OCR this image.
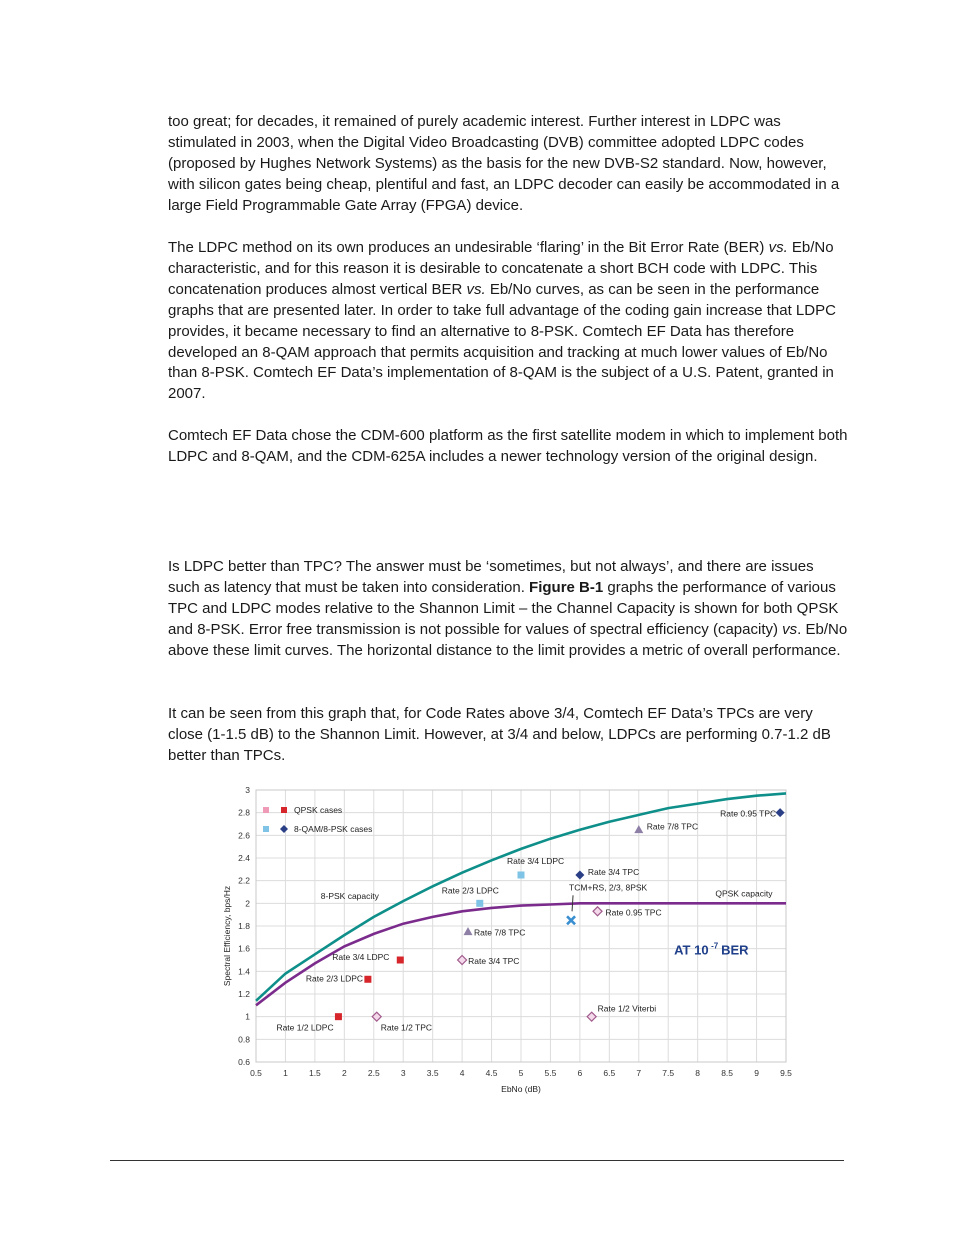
too great; for decades, it remained of purely academic interest. Further interest in LDPC was stimulated in 2003, when the Digital Video Broadcasting (DVB) committee adopted LDPC codes (proposed by Hughes Network Systems) as the basis for the new DVB-S2 standard. Now, however, with silicon gates being cheap, plentiful and fast, an LDPC decoder can easily be accommodated in a large Field Programmable Gate Array (FPGA) device.

The LDPC method on its own produces an undesirable ‘flaring’ in the Bit Error Rate (BER) vs. Eb/No characteristic, and for this reason it is desirable to concatenate a short BCH code with LDPC. This concatenation produces almost vertical BER vs. Eb/No curves, as can be seen in the performance graphs that are presented later. In order to take full advantage of the coding gain increase that LDPC provides, it became necessary to find an alternative to 8-PSK. Comtech EF Data has therefore developed an 8-QAM approach that permits acquisition and tracking at much lower values of Eb/No than 8-PSK. Comtech EF Data’s implementation of 8-QAM is the subject of a U.S. Patent, granted in 2007.

Comtech EF Data chose the CDM-600 platform as the first satellite modem in which to implement both LDPC and 8-QAM, and the CDM-625A includes a newer technology version of the original design.

Is LDPC better than TPC? The answer must be ‘sometimes, but not always’, and there are issues such as latency that must be taken into consideration. Figure B-1 graphs the performance of various TPC and LDPC modes relative to the Shannon Limit – the Channel Capacity is shown for both QPSK and 8-PSK. Error free transmission is not possible for values of spectral efficiency (capacity) vs. Eb/No above these limit curves. The horizontal distance to the limit provides a metric of overall performance.

It can be seen from this graph that, for Code Rates above 3/4, Comtech EF Data’s TPCs are very close (1-1.5 dB) to the Shannon Limit. However, at 3/4 and below, LDPCs are performing 0.7-1.2 dB better than TPCs.

0.5 1 1.5 2 2.5 3 3.5 4 4.5 5 5.5 6 6.5 7 7.5 8 8.5 9 9.5
0.6
0.8
1
1.2
1.4
1.6
1.8
2
2.2
2.4
2.6
2.8
3
EbNo (dB)
Spectral Efficiency, bps/Hz	8-PSK capacity	QPSK capacity
Rate 1/2 LDPC
Rate 2/3 LDPC
Rate 3/4 LDPC
Rate 1/2 TPC
Rate 3/4 TPC
Rate 7/8 TPC
Rate 0.95 TPC
Rate 1/2 Viterbi
Rate 2/3 LDPC
Rate 3/4 LDPC
Rate 3/4 TPC
Rate 7/8 TPC
Rate 0.95 TPC
TCM+RS, 2/3, 8PSK
QPSK cases
8-QAM/8-PSK cases
AT 10 -7 BER
